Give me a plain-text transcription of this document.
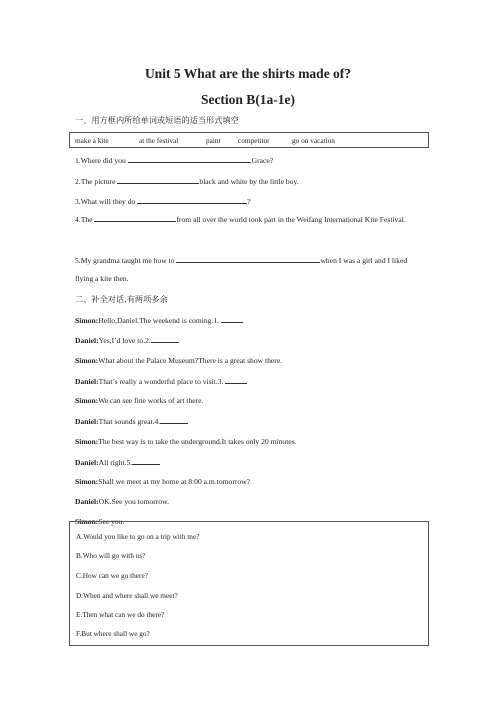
Unit 5 What are the shirts made of?
Section B(1a-1e)
一、用方框内所给单词或短语的适当形式填空
make a kite	at the festival	paint competitor	go on vacation
1.Where did you	,Grace?
2.The picture	black and white by the little boy.
3.What will they do	?
4.The	from all over the world took part in the Weifang International Kite Festival.
5.My grandma taught me how to	when I was a girl and I liked flying a kite then.
二、补全对话,有两项多余
Simon:Hello,Daniel.The weekend is coming.1.
Daniel:Yes,I’d love to.2.
Simon:What about the Palace Museum?There is a great show there.
Daniel:That’s really a wonderful place to visit.3.
Simon:We can see fine works of art there.
Daniel:That sounds great.4.
Simon:The best way is to take the underground.It takes only 20 minutes.
Daniel:All right.5.
Simon:Shall we meet at my home at 8:00 a.m.tomorrow?
Daniel:OK.See you tomorrow.
Simon:See you.
A.Would you like to go on a trip with me?
B.Who will go with us?
C.How can we go there?
D.When and where shall we meet?
E.Then what can we do there?
F.But where shall we go?
